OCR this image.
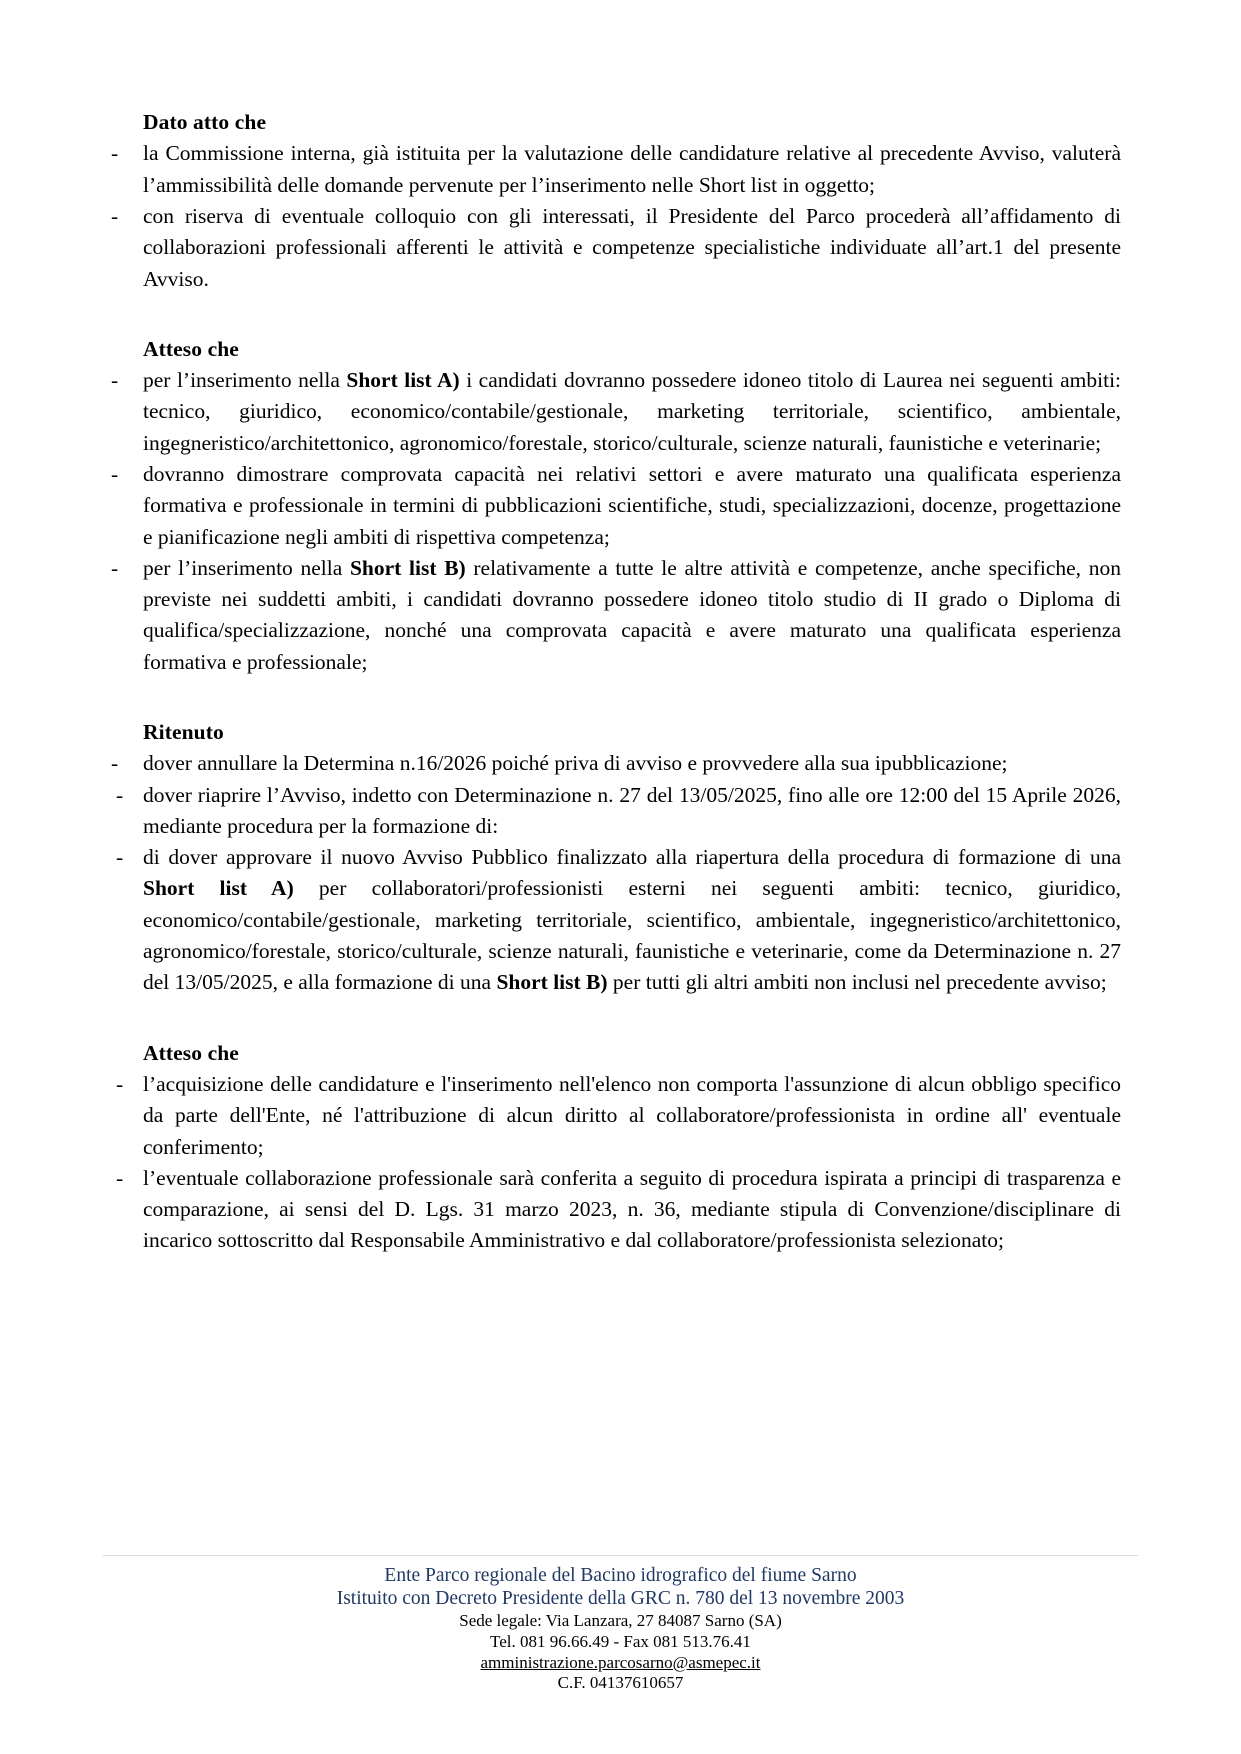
Dato atto che
- la Commissione interna, già istituita per la valutazione delle candidature relative al precedente Avviso, valuterà l’ammissibilità delle domande pervenute per l’inserimento nelle Short list in oggetto;
- con riserva di eventuale colloquio con gli interessati, il Presidente del Parco procederà all’affidamento di collaborazioni professionali afferenti le attività e competenze specialistiche individuate all’art.1 del presente Avviso.
Atteso che
- per l’inserimento nella Short list A) i candidati dovranno possedere idoneo titolo di Laurea nei seguenti ambiti: tecnico, giuridico, economico/contabile/gestionale, marketing territoriale, scientifico, ambientale, ingegneristico/architettonico, agronomico/forestale, storico/culturale, scienze naturali, faunistiche e veterinarie;
- dovranno dimostrare comprovata capacità nei relativi settori e avere maturato una qualificata esperienza formativa e professionale in termini di pubblicazioni scientifiche, studi, specializzazioni, docenze, progettazione e pianificazione negli ambiti di rispettiva competenza;
- per l’inserimento nella Short list B) relativamente a tutte le altre attività e competenze, anche specifiche, non previste nei suddetti ambiti, i candidati dovranno possedere idoneo titolo studio di II grado o Diploma di qualifica/specializzazione, nonché una comprovata capacità e avere maturato una qualificata esperienza formativa e professionale;
Ritenuto
- dover annullare la Determina n.16/2026 poiché priva di avviso e provvedere alla sua ipubblicazione;
- dover riaprire l’Avviso, indetto con Determinazione n. 27 del 13/05/2025, fino alle ore 12:00 del 15 Aprile 2026, mediante procedura per la formazione di:
- di dover approvare il nuovo Avviso Pubblico finalizzato alla riapertura della procedura di formazione di una Short list A) per collaboratori/professionisti esterni nei seguenti ambiti: tecnico, giuridico, economico/contabile/gestionale, marketing territoriale, scientifico, ambientale, ingegneristico/architettonico, agronomico/forestale, storico/culturale, scienze naturali, faunistiche e veterinarie, come da Determinazione n. 27 del 13/05/2025, e alla formazione di una Short list B) per tutti gli altri ambiti non inclusi nel precedente avviso;
Atteso che
- l’acquisizione delle candidature e l'inserimento nell'elenco non comporta l'assunzione di alcun obbligo specifico da parte dell'Ente, né l'attribuzione di alcun diritto al collaboratore/professionista in ordine all' eventuale conferimento;
- l’eventuale collaborazione professionale sarà conferita a seguito di procedura ispirata a principi di trasparenza e comparazione, ai sensi del D. Lgs. 31 marzo 2023, n. 36, mediante stipula di Convenzione/disciplinare di incarico sottoscritto dal Responsabile Amministrativo e dal collaboratore/professionista selezionato;
Ente Parco regionale del Bacino idrografico del fiume Sarno
Istituito con Decreto Presidente della GRC n. 780 del 13 novembre 2003
Sede legale: Via Lanzara, 27 84087 Sarno (SA)
Tel. 081 96.66.49 - Fax 081 513.76.41
amministrazione.parcosarno@asmepec.it
C.F. 04137610657
